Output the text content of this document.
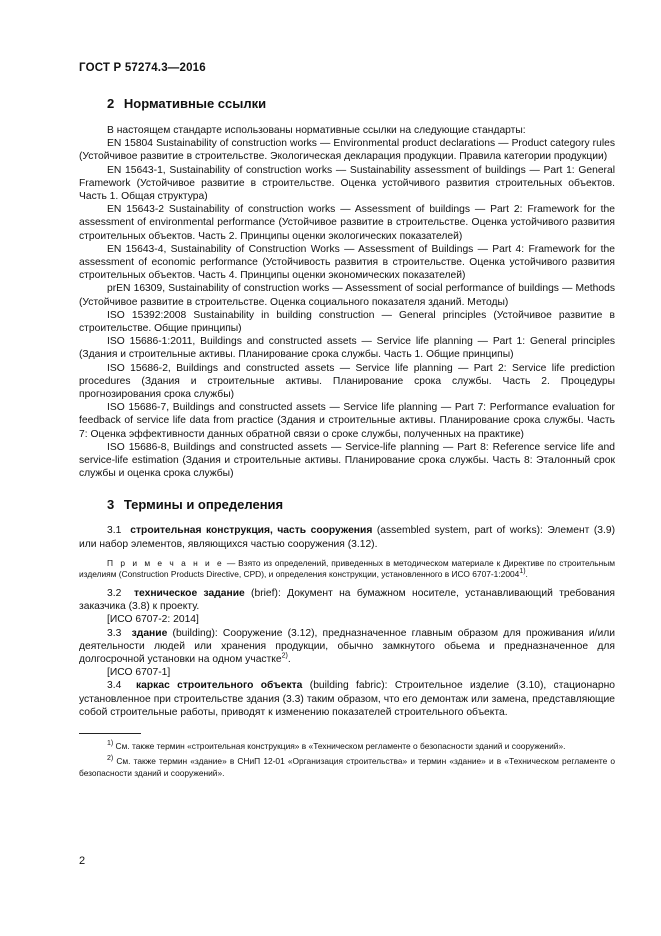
ГОСТ Р 57274.3—2016
2 Нормативные ссылки

В настоящем стандарте использованы нормативные ссылки на следующие стандарты:

EN 15804 Sustainability of construction works — Environmental product declarations — Product category rules (Устойчивое развитие в строительстве. Экологическая декларация продукции. Правила категории продукции)

EN 15643-1, Sustainability of construction works — Sustainability assessment of buildings — Part 1: General Framework (Устойчивое развитие в строительстве. Оценка устойчивого развития строительных объектов. Часть 1. Общая структура)

EN 15643-2 Sustainability of construction works — Assessment of buildings — Part 2: Framework for the assessment of environmental performance (Устойчивое развитие в строительстве. Оценка устойчивого развития строительных объектов. Часть 2. Принципы оценки экологических показателей)

EN 15643-4, Sustainability of Construction Works — Assessment of Buildings — Part 4: Framework for the assessment of economic performance (Устойчивость развития в строительстве. Оценка устойчивого развития строительных объектов. Часть 4. Принципы оценки экономических показателей)

prEN 16309, Sustainability of construction works — Assessment of social performance of buildings — Methods (Устойчивое развитие в строительстве. Оценка социального показателя зданий. Методы)

ISO 15392:2008 Sustainability in building construction — General principles (Устойчивое развитие в строительстве. Общие принципы)

ISO 15686-1:2011, Buildings and constructed assets — Service life planning — Part 1: General principles (Здания и строительные активы. Планирование срока службы. Часть 1. Общие принципы)

ISO 15686-2, Buildings and constructed assets — Service life planning — Part 2: Service life prediction procedures (Здания и строительные активы. Планирование срока службы. Часть 2. Процедуры прогнозирования срока службы)

ISO 15686-7, Buildings and constructed assets — Service life planning — Part 7: Performance evaluation for feedback of service life data from practice (Здания и строительные активы. Планирование срока службы. Часть 7: Оценка эффективности данных обратной связи о сроке службы, полученных на практике)

ISO 15686-8, Buildings and constructed assets — Service-life planning — Part 8: Reference service life and service-life estimation (Здания и строительные активы. Планирование срока службы. Часть 8: Эталонный срок службы и оценка срока службы)

3 Термины и определения

3.1 строительная конструкция, часть сооружения (assembled system, part of works): Элемент (3.9) или набор элементов, являющихся частью сооружения (3.12).

П р и м е ч а н и е — Взято из определений, приведенных в методическом материале к Директиве по строительным изделиям (Construction Products Directive, CPD), и определения конструкции, установленного в ИСО 6707-1:2004$^{1)}$.

3.2 техническое задание (brief): Документ на бумажном носителе, устанавливающий требования заказчика (3.8) к проекту.

[ИСО 6707-2: 2014]

3.3 здание (building): Сооружение (3.12), предназначенное главным образом для проживания и/или деятельности людей или хранения продукции, обычно замкнутого обьема и предназначенное для долгосрочной установки на одном участке$^{2)}$.

[ИСО 6707-1]

3.4 каркас строительного объекта (building fabric): Строительное изделие (3.10), стационарно установленное при строительстве здания (3.3) таким образом, что его демонтаж или замена, представляющие собой строительные работы, приводят к изменению показателей строительного объекта.

$^{1)}$ См. также термин «строительная конструкция» в «Техническом регламенте о безопасности зданий и сооружений».
$^{2)}$ См. также термин «здание» в СНиП 12-01 «Организация строительства» и термин «здание» и в «Техническом регламенте о безопасности зданий и сооружений».
2
